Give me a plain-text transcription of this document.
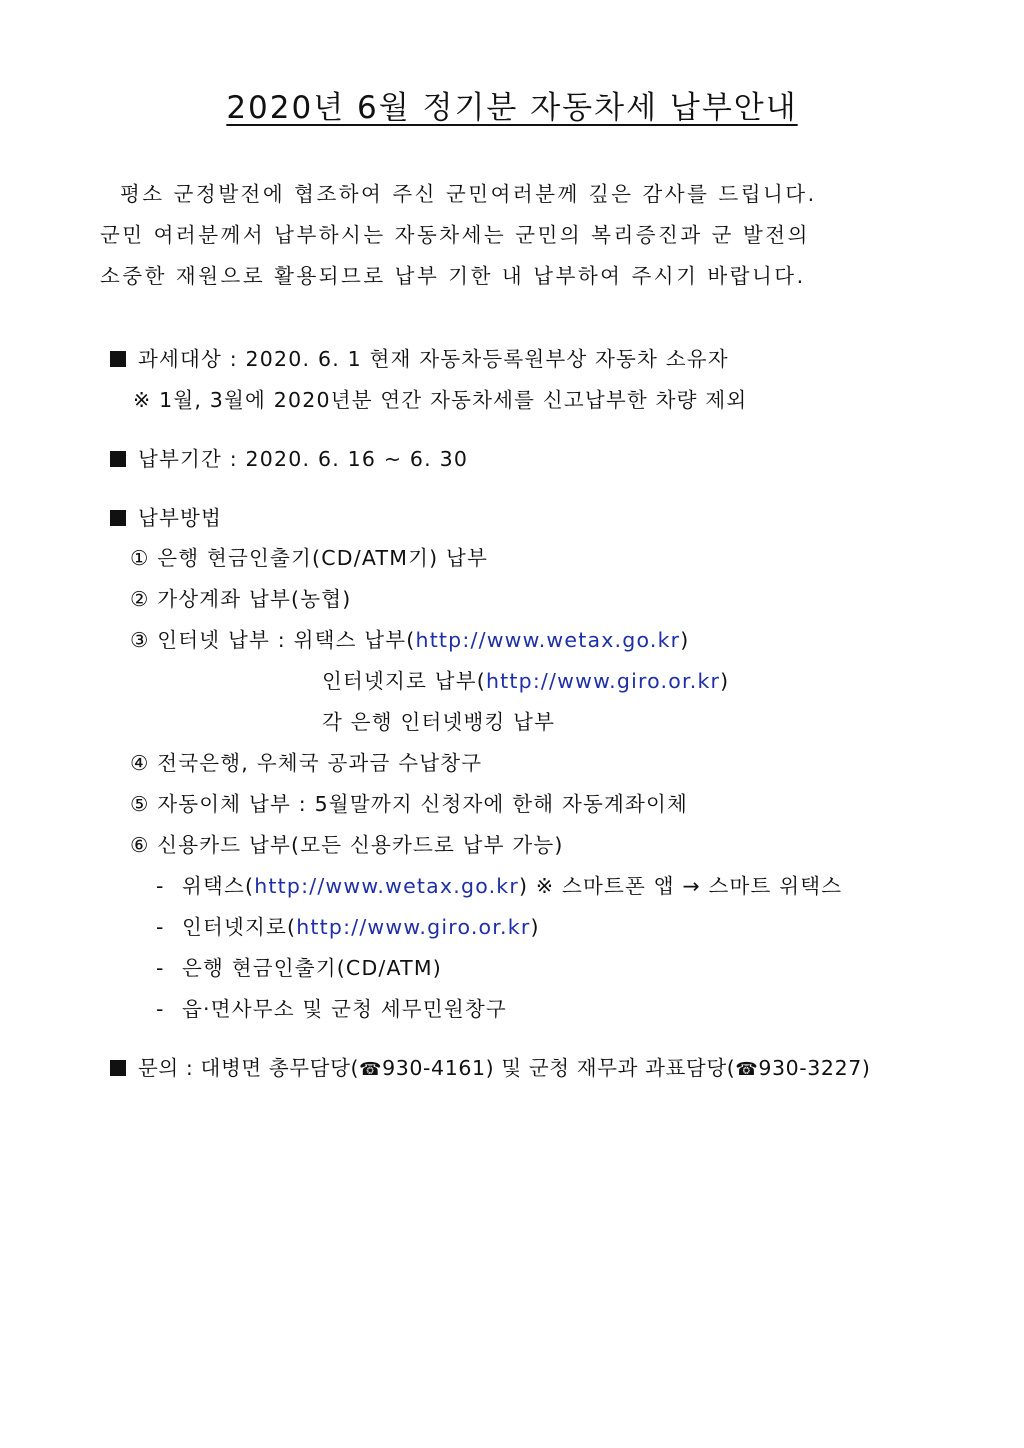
2020년 6월 정기분 자동차세 납부안내

평소 군정발전에 협조하여 주신 군민여러분께 깊은 감사를 드립니다.

군민 여러분께서 납부하시는 자동차세는 군민의 복리증진과 군 발전의

소중한 재원으로 활용되므로 납부 기한 내 납부하여 주시기 바랍니다.

과세대상 : 2020. 6. 1 현재 자동차등록원부상 자동차 소유자
※ 1월, 3월에 2020년분 연간 자동차세를 신고납부한 차량 제외
납부기간 : 2020. 6. 16 ~ 6. 30
납부방법
① 은행 현금인출기(CD/ATM기) 납부
② 가상계좌 납부(농협)
③ 인터넷 납부 : 위택스 납부(http://www.wetax.go.kr)
인터넷지로 납부(http://www.giro.or.kr)
각 은행 인터넷뱅킹 납부
④ 전국은행, 우체국 공과금 수납창구
⑤ 자동이체 납부 : 5월말까지 신청자에 한해 자동계좌이체
⑥ 신용카드 납부(모든 신용카드로 납부 가능)
- 위택스(http://www.wetax.go.kr) ※ 스마트폰 앱 → 스마트 위택스
- 인터넷지로(http://www.giro.or.kr)
- 은행 현금인출기(CD/ATM)
- 읍·면사무소 및 군청 세무민원창구
문의 : 대병면 총무담당(☎930-4161) 및 군청 재무과 과표담당(☎930-3227)
